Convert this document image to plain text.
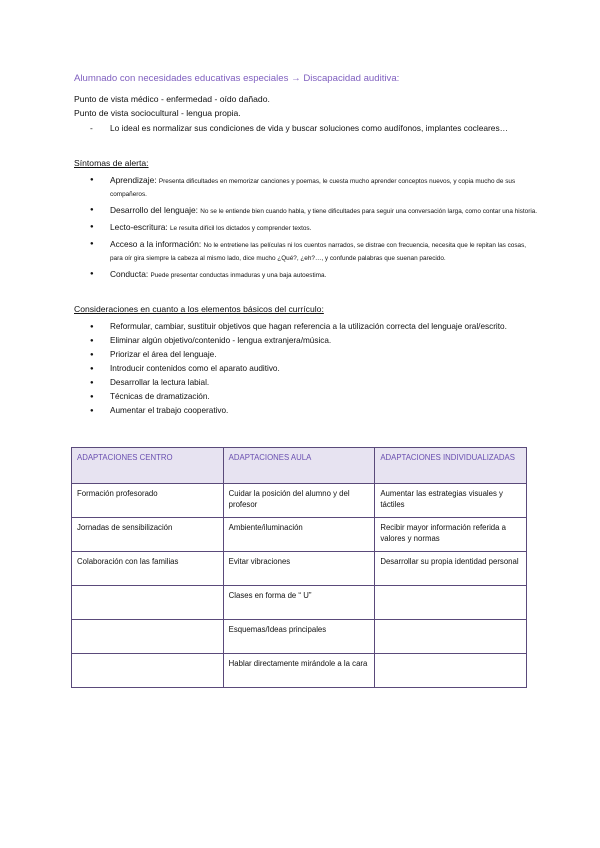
Alumnado con necesidades educativas especiales → Discapacidad auditiva:
Punto de vista médico - enfermedad - oído dañado.
Punto de vista sociocultural - lengua propia.
- Lo ideal es normalizar sus condiciones de vida y buscar soluciones como audífonos, implantes cocleares…
Síntomas de alerta:
● Aprendizaje: Presenta dificultades en memorizar canciones y poemas, le cuesta mucho aprender conceptos nuevos, y copia mucho de sus compañeros.
● Desarrollo del lenguaje: No se le entiende bien cuando habla, y tiene dificultades para seguir una conversación larga, como contar una historia.
● Lecto-escritura: Le resulta difícil los dictados y comprender textos.
● Acceso a la información: No le entretiene las películas ni los cuentos narrados, se distrae con frecuencia, necesita que le repitan las cosas, para oír gira siempre la cabeza al mismo lado, dice mucho ¿Qué?, ¿eh?…, y confunde palabras que suenan parecido.
● Conducta: Puede presentar conductas inmaduras y una baja autoestima.
Consideraciones en cuanto a los elementos básicos del currículo:
● Reformular, cambiar, sustituir objetivos que hagan referencia a la utilización correcta del lenguaje oral/escrito.
● Eliminar algún objetivo/contenido - lengua extranjera/música.
● Priorizar el área del lenguaje.
● Introducir contenidos como el aparato auditivo.
● Desarrollar la lectura labial.
● Técnicas de dramatización.
● Aumentar el trabajo cooperativo.
ADAPTACIONES CENTRO	ADAPTACIONES AULA	ADAPTACIONES INDIVIDUALIZADAS
Formación profesorado	Cuidar la posición del alumno y del profesor	Aumentar las estrategias visuales y táctiles
Jornadas de sensibilización	Ambiente/iluminación	Recibir mayor información referida a valores y normas
Colaboración con las familias	Evitar vibraciones	Desarrollar su propia identidad personal
	Clases en forma de “ U”	
	Esquemas/Ideas principales	
	Hablar directamente mirándole a la cara	
